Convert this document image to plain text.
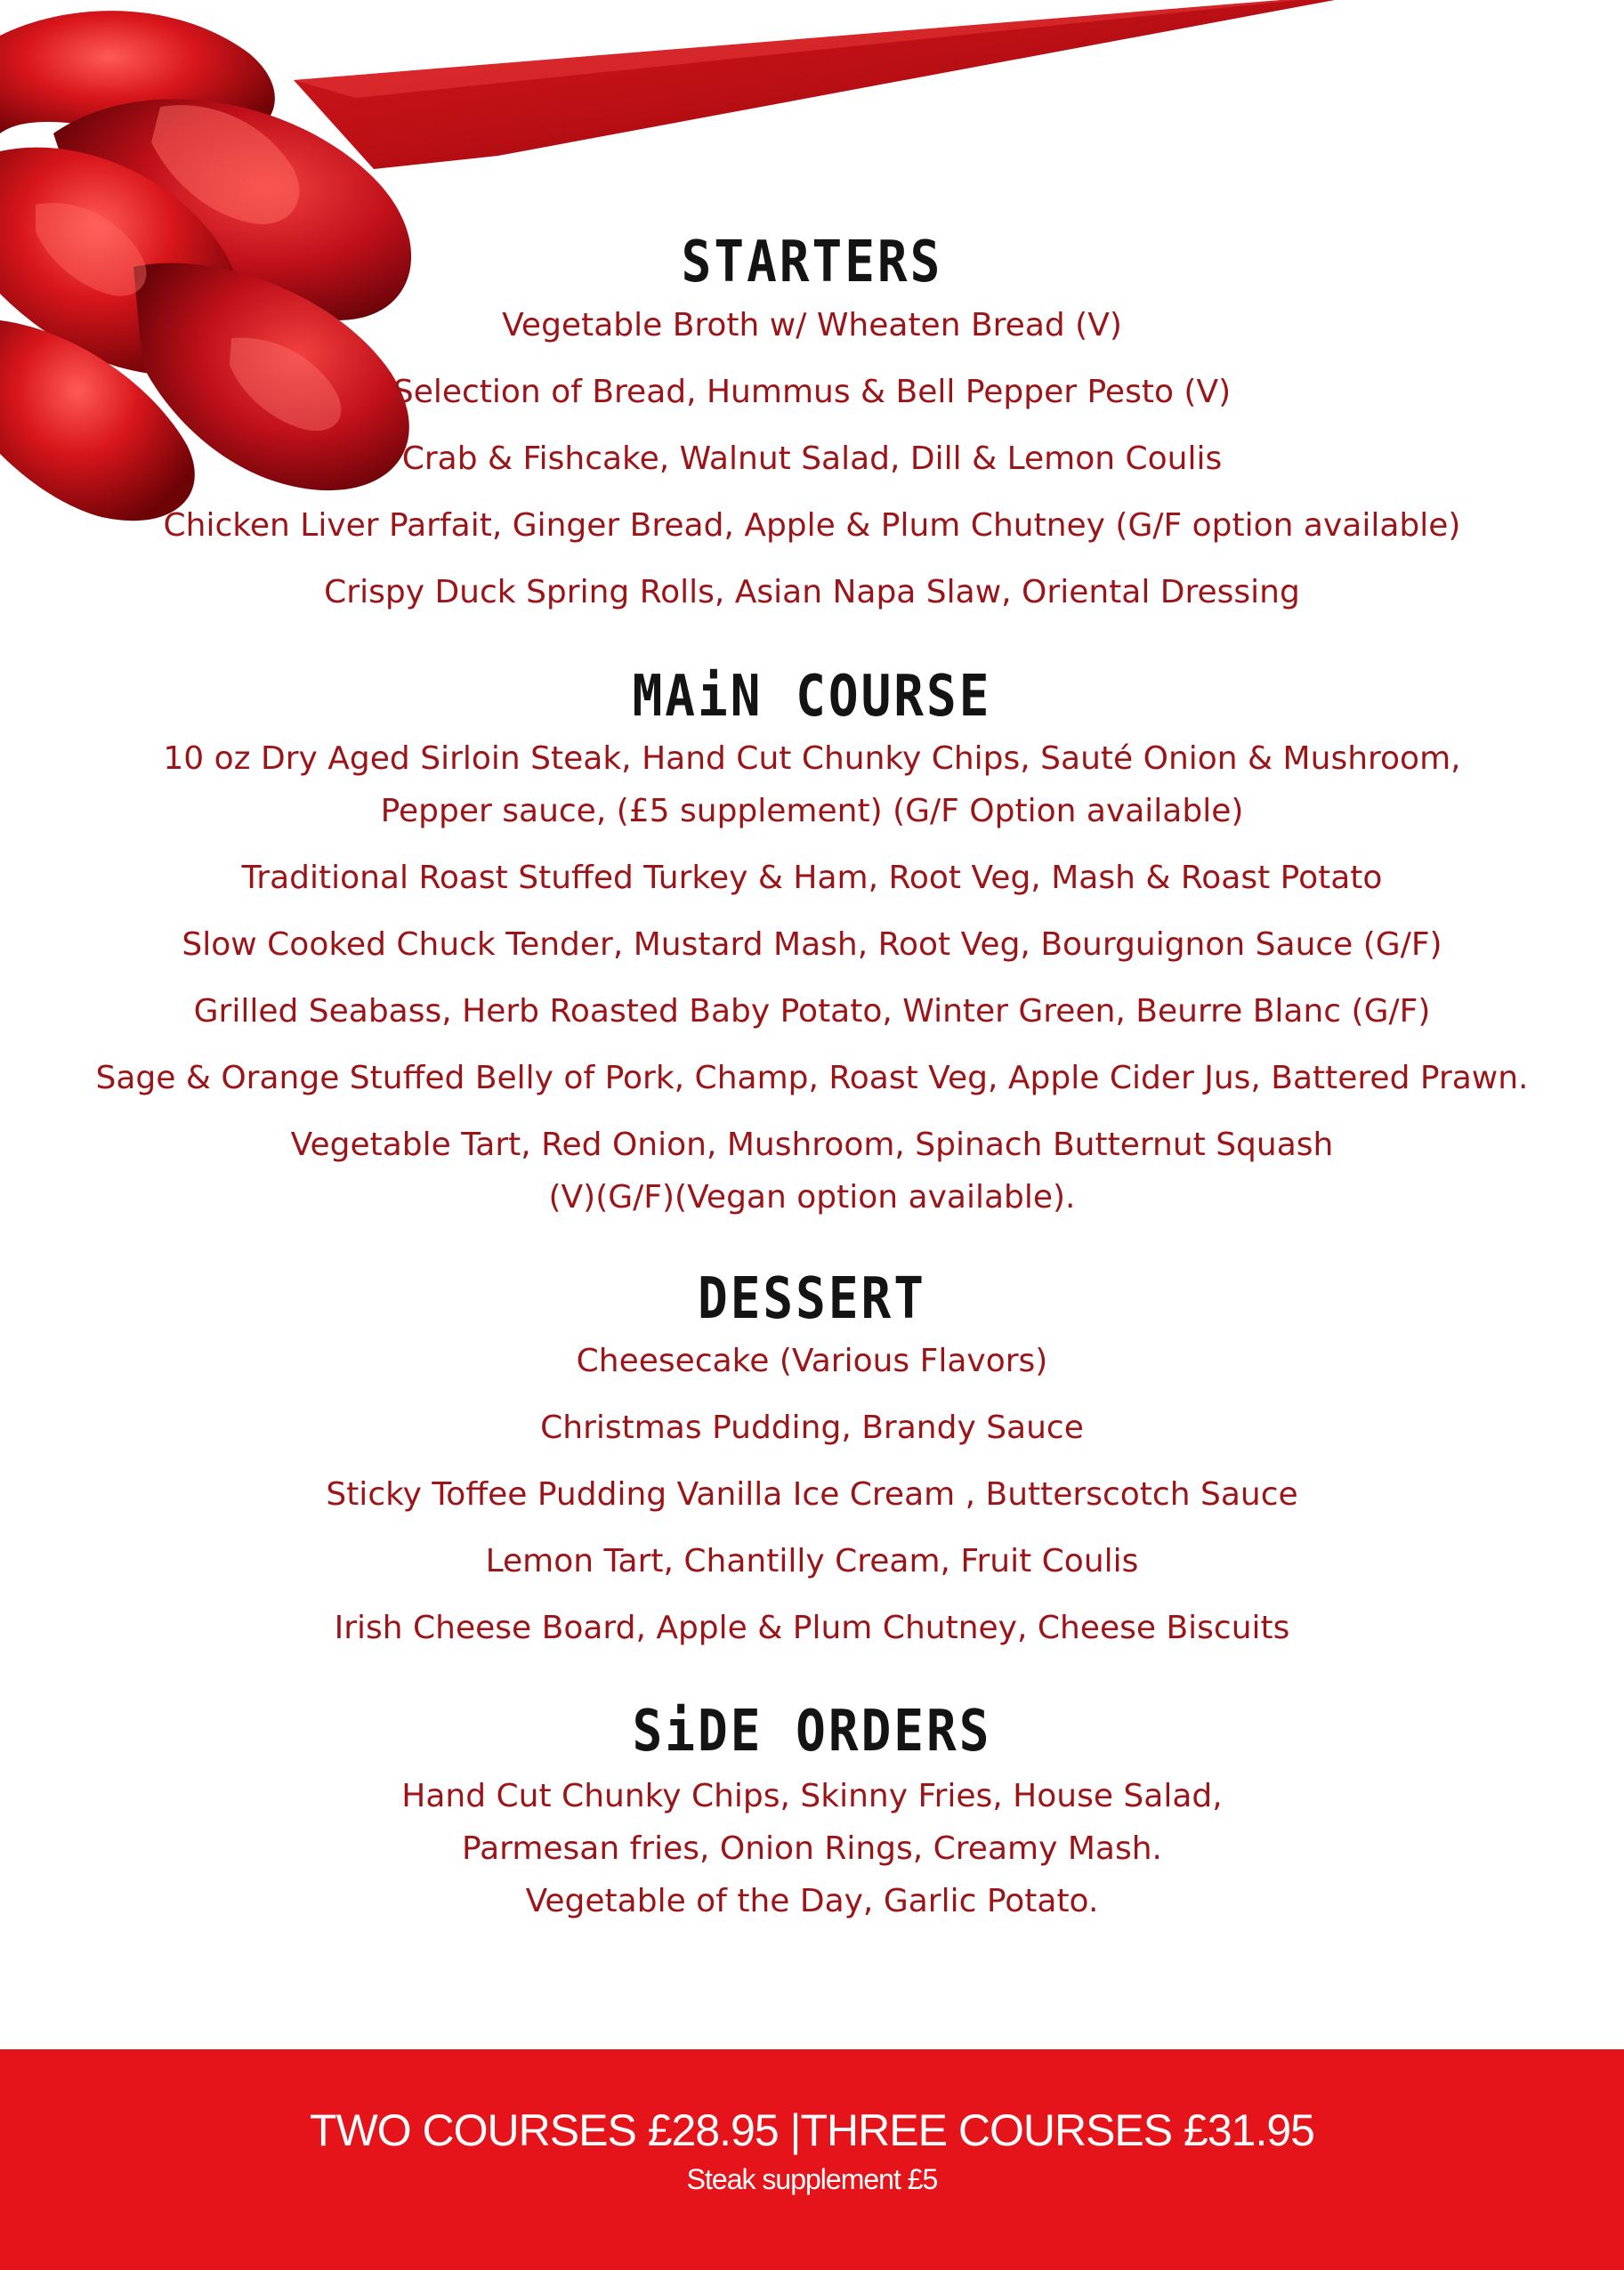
STARTERS
Vegetable Broth w/ Wheaten Bread (V)
Selection of Bread, Hummus & Bell Pepper Pesto (V)
Crab & Fishcake, Walnut Salad, Dill & Lemon Coulis
Chicken Liver Parfait, Ginger Bread, Apple & Plum Chutney (G/F option available)
Crispy Duck Spring Rolls, Asian Napa Slaw, Oriental Dressing
MAiN COURSE
10 oz Dry Aged Sirloin Steak, Hand Cut Chunky Chips, Sauté Onion & Mushroom,
Pepper sauce, (£5 supplement) (G/F Option available)
Traditional Roast Stuffed Turkey & Ham, Root Veg, Mash & Roast Potato
Slow Cooked Chuck Tender, Mustard Mash, Root Veg, Bourguignon Sauce (G/F)
Grilled Seabass, Herb Roasted Baby Potato, Winter Green, Beurre Blanc (G/F)
Sage & Orange Stuffed Belly of Pork, Champ, Roast Veg, Apple Cider Jus, Battered Prawn.
Vegetable Tart, Red Onion, Mushroom, Spinach Butternut Squash
(V)(G/F)(Vegan option available).
DESSERT
Cheesecake (Various Flavors)
Christmas Pudding, Brandy Sauce
Sticky Toffee Pudding Vanilla Ice Cream , Butterscotch Sauce
Lemon Tart, Chantilly Cream, Fruit Coulis
Irish Cheese Board, Apple & Plum Chutney, Cheese Biscuits
SiDE ORDERS
Hand Cut Chunky Chips, Skinny Fries, House Salad,
Parmesan fries, Onion Rings, Creamy Mash.
Vegetable of the Day, Garlic Potato.
TWO COURSES £28.95 |THREE COURSES £31.95
Steak supplement £5
